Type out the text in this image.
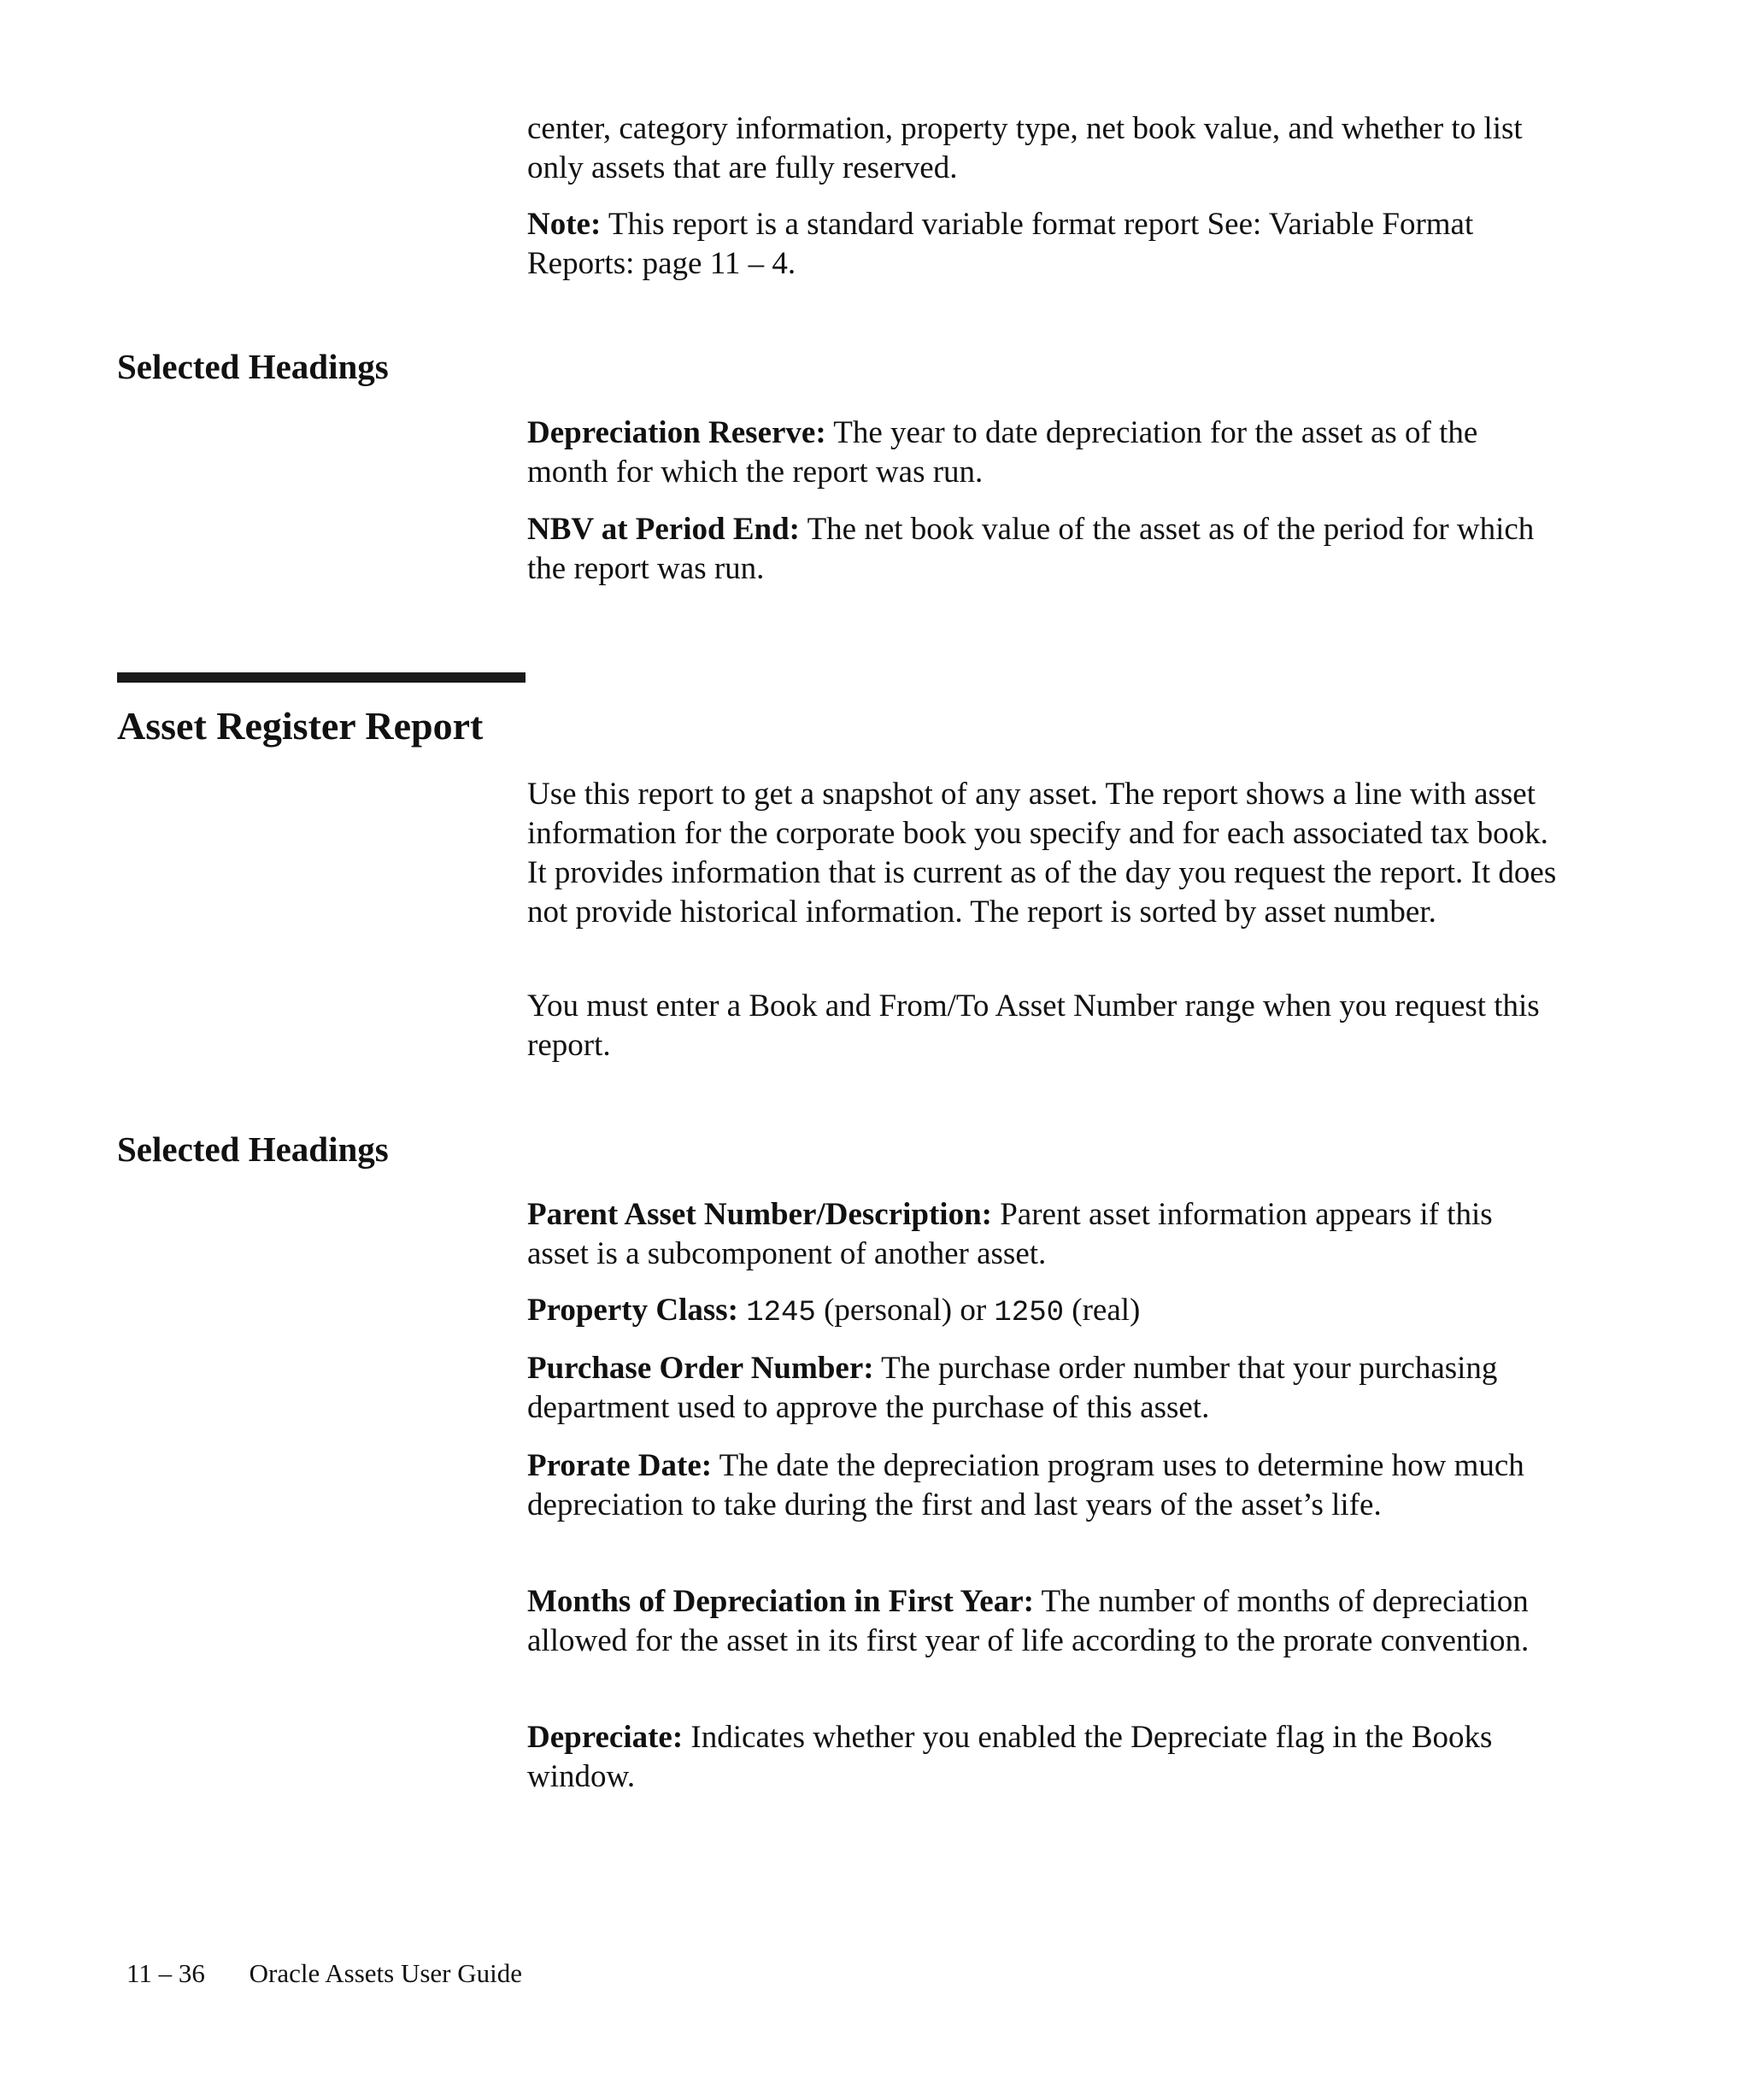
center, category information, property type, net book value, and whether to list only assets that are fully reserved.

Note: This report is a standard variable format report See: Variable Format Reports: page 11 – 4.

Selected Headings

Depreciation Reserve: The year to date depreciation for the asset as of the month for which the report was run.

NBV at Period End: The net book value of the asset as of the period for which the report was run.

Asset Register Report

Use this report to get a snapshot of any asset. The report shows a line with asset information for the corporate book you specify and for each associated tax book. It provides information that is current as of the day you request the report. It does not provide historical information. The report is sorted by asset number.

You must enter a Book and From/To Asset Number range when you request this report.

Selected Headings

Parent Asset Number/Description: Parent asset information appears if this asset is a subcomponent of another asset.

Property Class: 1245 (personal) or 1250 (real)

Purchase Order Number: The purchase order number that your purchasing department used to approve the purchase of this asset.

Prorate Date: The date the depreciation program uses to determine how much depreciation to take during the first and last years of the asset’s life.

Months of Depreciation in First Year: The number of months of depreciation allowed for the asset in its first year of life according to the prorate convention.

Depreciate: Indicates whether you enabled the Depreciate flag in the Books window.

11 – 36 Oracle Assets User Guide
